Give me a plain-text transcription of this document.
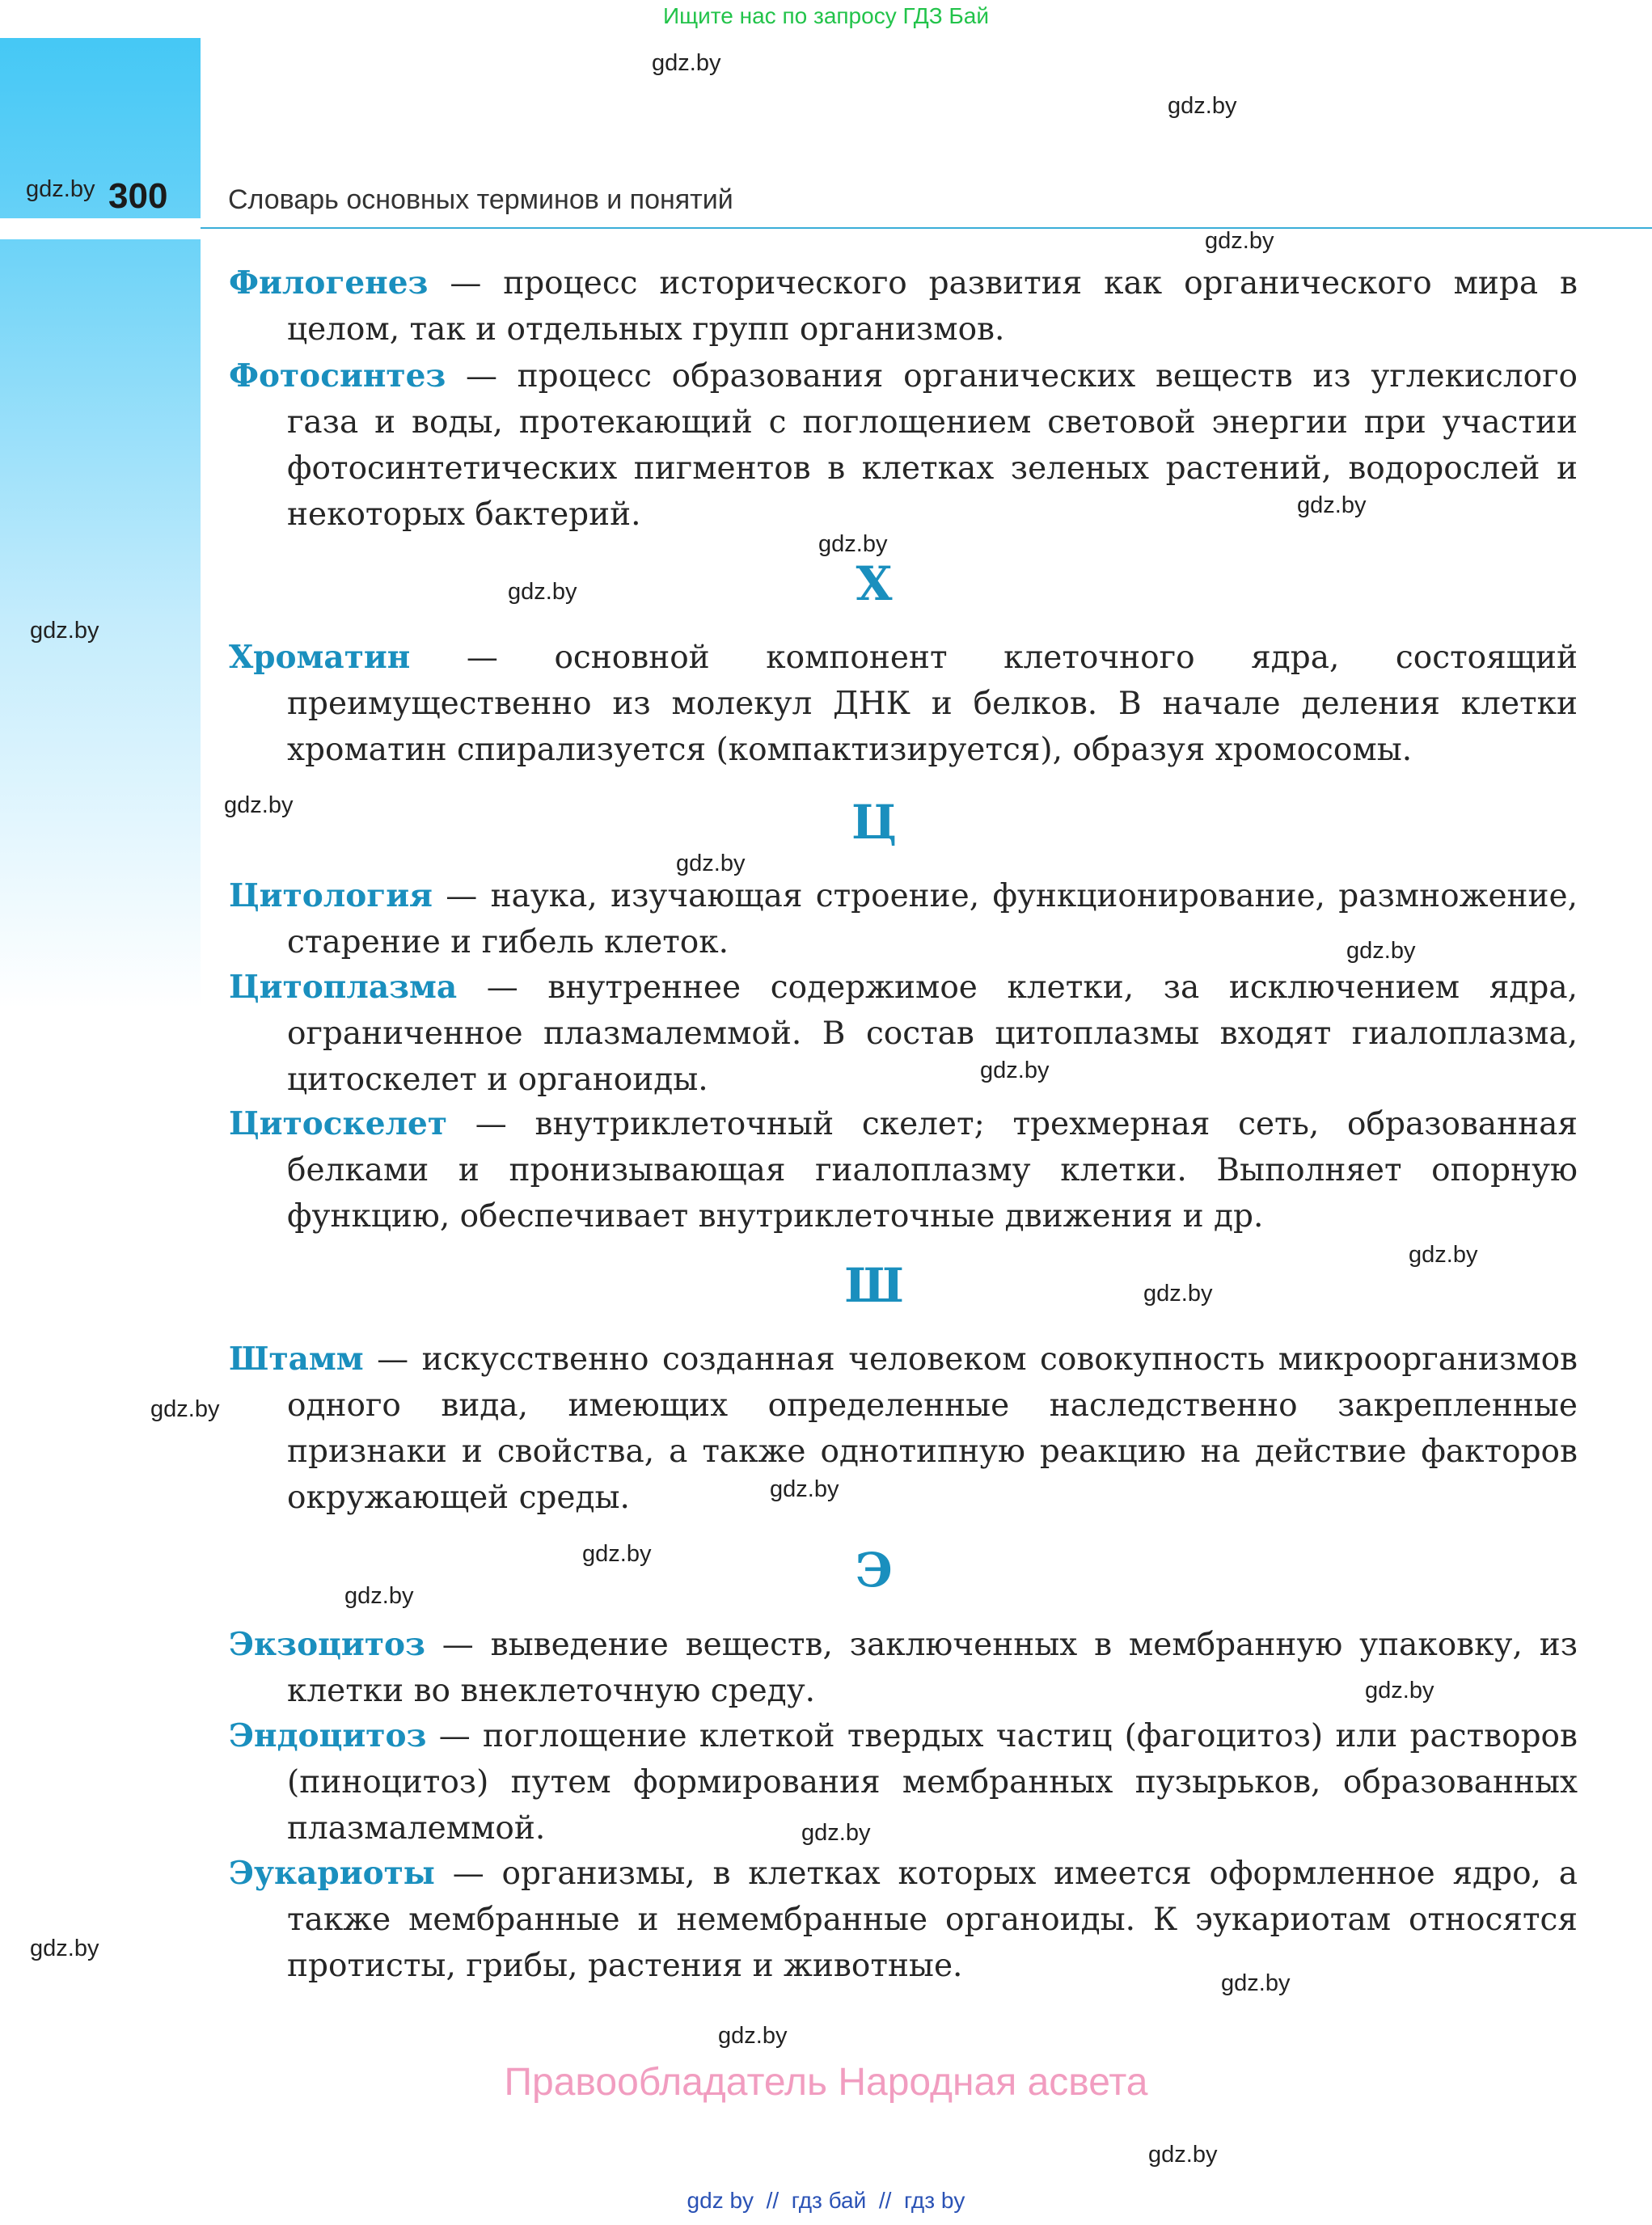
Ищите нас по запросу ГДЗ Бай
gdz.by 300 Словарь основных терминов и понятий
Филогенез — процесс исторического развития как органического мира в целом, так и отдельных групп организмов.
Фотосинтез — процесс образования органических веществ из углекислого газа и воды, протекающий с поглощением световой энергии при участии фотосинтетических пигментов в клетках зеленых растений, водорослей и некоторых бактерий.
Х
Хроматин — основной компонент клеточного ядра, состоящий преимущественно из молекул ДНК и белков. В начале деления клетки хроматин спирализуется (компактизируется), образуя хромосомы.
Ц
Цитология — наука, изучающая строение, функционирование, размножение, старение и гибель клеток.
Цитоплазма — внутреннее содержимое клетки, за исключением ядра, ограниченное плазмалеммой. В состав цитоплазмы входят гиалоплазма, цитоскелет и органоиды.
Цитоскелет — внутриклеточный скелет; трехмерная сеть, образованная белками и пронизывающая гиалоплазму клетки. Выполняет опорную функцию, обеспечивает внутриклеточные движения и др.
Ш
Штамм — искусственно созданная человеком совокупность микроорганизмов одного вида, имеющих определенные наследственно закрепленные признаки и свойства, а также однотипную реакцию на действие факторов окружающей среды.
Э
Экзоцитоз — выведение веществ, заключенных в мембранную упаковку, из клетки во внеклеточную среду.
Эндоцитоз — поглощение клеткой твердых частиц (фагоцитоз) или растворов (пиноцитоз) путем формирования мембранных пузырьков, образованных плазмалеммой.
Эукариоты — организмы, в клетках которых имеется оформленное ядро, а также мембранные и немембранные органоиды. К эукариотам относятся протисты, грибы, растения и животные.
gdz.by
gdz.by
gdz.by
gdz.by
gdz.by
gdz.by
gdz.by
gdz.by
gdz.by
gdz.by
gdz.by
gdz.by
gdz.by
gdz.by
gdz.by
gdz.by
gdz.by
gdz.by
gdz.by
gdz.by
gdz.by
gdz.by
gdz.by
Правообладатель Народная асвета
gdz by // гдз бай // гдз by
